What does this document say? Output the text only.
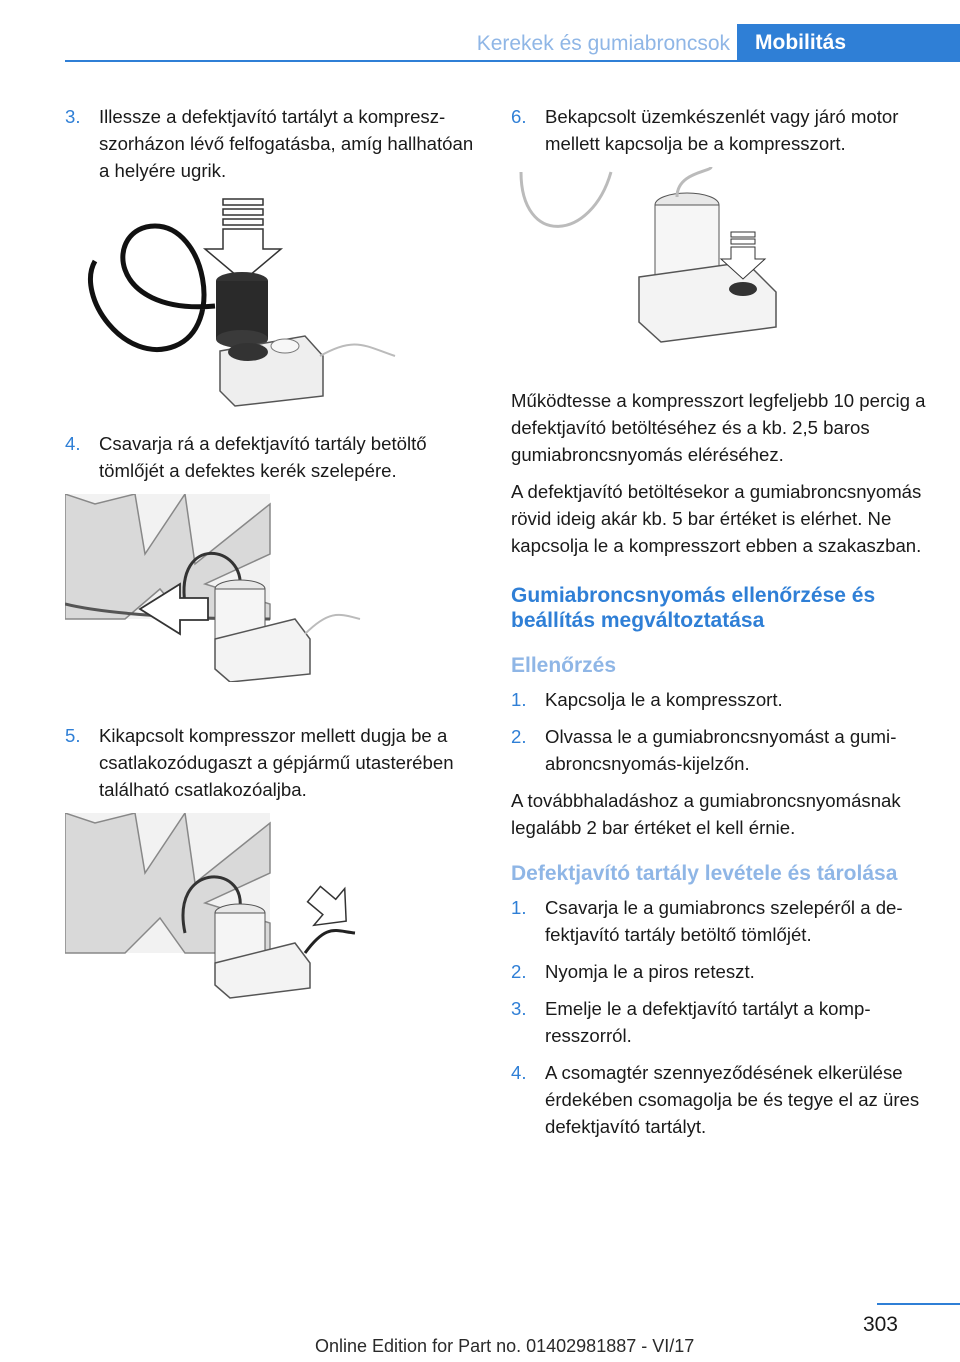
Kerekek és gumiabroncsok	Mobilitás
3. Illessze a defektjavító tartályt a kompreszszorházon lévő felfogatásba, amíg hallhatóan a helyére ugrik.
4. Csavarja rá a defektjavító tartály betöltő tömlőjét a defektes kerék szelepére.
5. Kikapcsolt kompresszor mellett dugja be a csatlakozódugaszt a gépjármű utasterében található csatlakozóaljba.
6. Bekapcsolt üzemkészenlét vagy járó motor mellett kapcsolja be a kompresszort.

Működtesse a kompresszort legfeljebb 10 percig a defektjavító betöltéséhez és a kb. 2,5 baros gumiabroncsnyomás eléréséhez.

A defektjavító betöltésekor a gumiabroncsnyomás rövid ideig akár kb. 5 bar értéket is elérhet. Ne kapcsolja le a kompresszort ebben a szakaszban.

Gumiabroncsnyomás ellenőrzése és beállítás megváltoztatása
Ellenőrzés
1. Kapcsolja le a kompresszort.
2. Olvassa le a gumiabroncsnyomást a gumiabroncsnyomás-kijelzőn.

A továbbhaladáshoz a gumiabroncsnyomásnak legalább 2 bar értéket el kell érnie.

Defektjavító tartály levétele és tárolása
1. Csavarja le a gumiabroncs szelepéről a defektjavító tartály betöltő tömlőjét.
2. Nyomja le a piros reteszt.
3. Emelje le a defektjavító tartályt a kompresszorról.
4. A csomagtér szennyeződésének elkerülése érdekében csomagolja be és tegye el az üres defektjavító tartályt.
303
Online Edition for Part no. 01402981887 - VI/17
